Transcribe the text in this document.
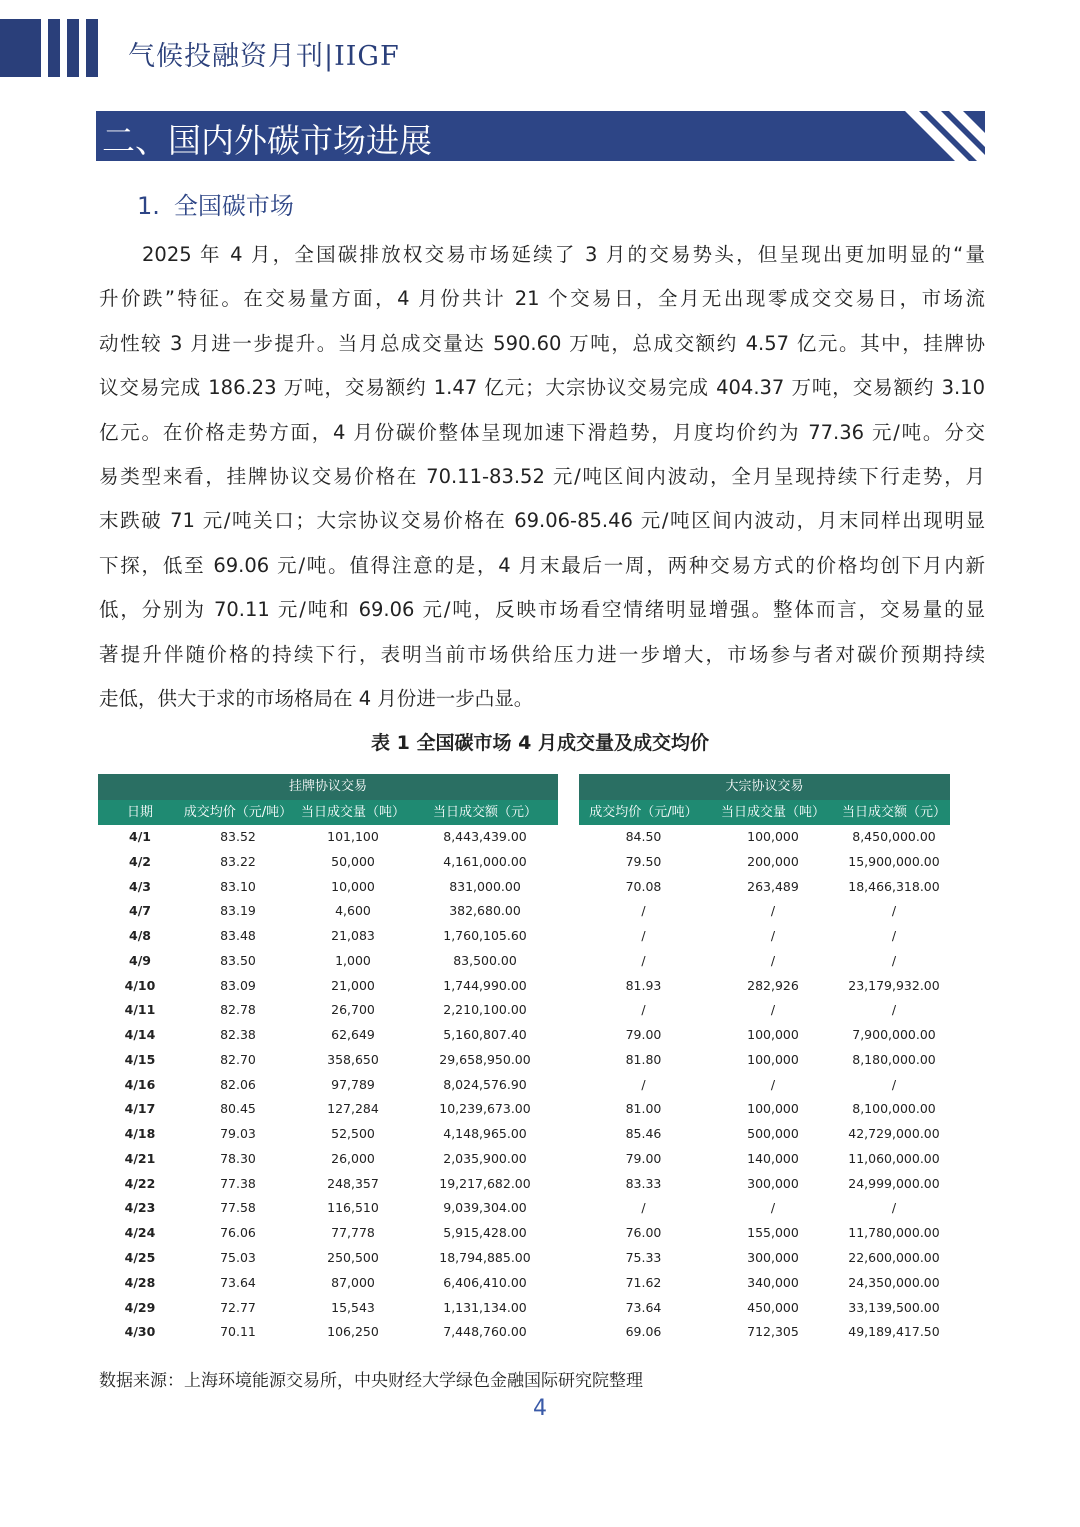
气候投融资月刊|IIGF
二、国内外碳市场进展
1. 全国碳市场
2025 年 4 月，全国碳排放权交易市场延续了 3 月的交易势头，但呈现出更加明显的“量
升价跌”特征。在交易量方面，4 月份共计 21 个交易日，全月无出现零成交交易日，市场流
动性较 3 月进一步提升。当月总成交量达 590.60 万吨，总成交额约 4.57 亿元。其中，挂牌协
议交易完成 186.23 万吨，交易额约 1.47 亿元；大宗协议交易完成 404.37 万吨，交易额约 3.10
亿元。在价格走势方面，4 月份碳价整体呈现加速下滑趋势，月度均价约为 77.36 元/吨。分交
易类型来看，挂牌协议交易价格在 70.11-83.52 元/吨区间内波动，全月呈现持续下行走势，月
末跌破 71 元/吨关口；大宗协议交易价格在 69.06-85.46 元/吨区间内波动，月末同样出现明显
下探，低至 69.06 元/吨。值得注意的是，4 月末最后一周，两种交易方式的价格均创下月内新
低，分别为 70.11 元/吨和 69.06 元/吨，反映市场看空情绪明显增强。整体而言，交易量的显
著提升伴随价格的持续下行，表明当前市场供给压力进一步增大，市场参与者对碳价预期持续
走低，供大于求的市场格局在 4 月份进一步凸显。
表 1 全国碳市场 4 月成交量及成交均价
挂牌协议交易
日期	成交均价（元/吨） 当日成交量（吨）	当日成交额（元）
4/1	83.52	101,100	8,443,439.00
4/2	83.22	50,000	4,161,000.00
4/3	83.10	10,000	831,000.00
4/7	83.19	4,600	382,680.00
4/8	83.48	21,083	1,760,105.60
4/9	83.50	1,000	83,500.00
4/10	83.09	21,000	1,744,990.00
4/11	82.78	26,700	2,210,100.00
4/14	82.38	62,649	5,160,807.40
4/15	82.70	358,650	29,658,950.00
4/16	82.06	97,789	8,024,576.90
4/17	80.45	127,284	10,239,673.00
4/18	79.03	52,500	4,148,965.00
4/21	78.30	26,000	2,035,900.00
4/22	77.38	248,357	19,217,682.00
4/23	77.58	116,510	9,039,304.00
4/24	76.06	77,778	5,915,428.00
4/25	75.03	250,500	18,794,885.00
4/28	73.64	87,000	6,406,410.00
4/29	72.77	15,543	1,131,134.00
4/30	70.11	106,250	7,448,760.00
大宗协议交易
成交均价（元/吨）	当日成交量（吨）	当日成交额（元）
84.50	100,000	8,450,000.00
79.50	200,000	15,900,000.00
70.08	263,489	18,466,318.00
/	/	/
/	/	/
/	/	/
81.93	282,926	23,179,932.00
/	/	/
79.00	100,000	7,900,000.00
81.80	100,000	8,180,000.00
/	/	/
81.00	100,000	8,100,000.00
85.46	500,000	42,729,000.00
79.00	140,000	11,060,000.00
83.33	300,000	24,999,000.00
/	/	/
76.00	155,000	11,780,000.00
75.33	300,000	22,600,000.00
71.62	340,000	24,350,000.00
73.64	450,000	33,139,500.00
69.06	712,305	49,189,417.50
数据来源：上海环境能源交易所，中央财经大学绿色金融国际研究院整理
4
